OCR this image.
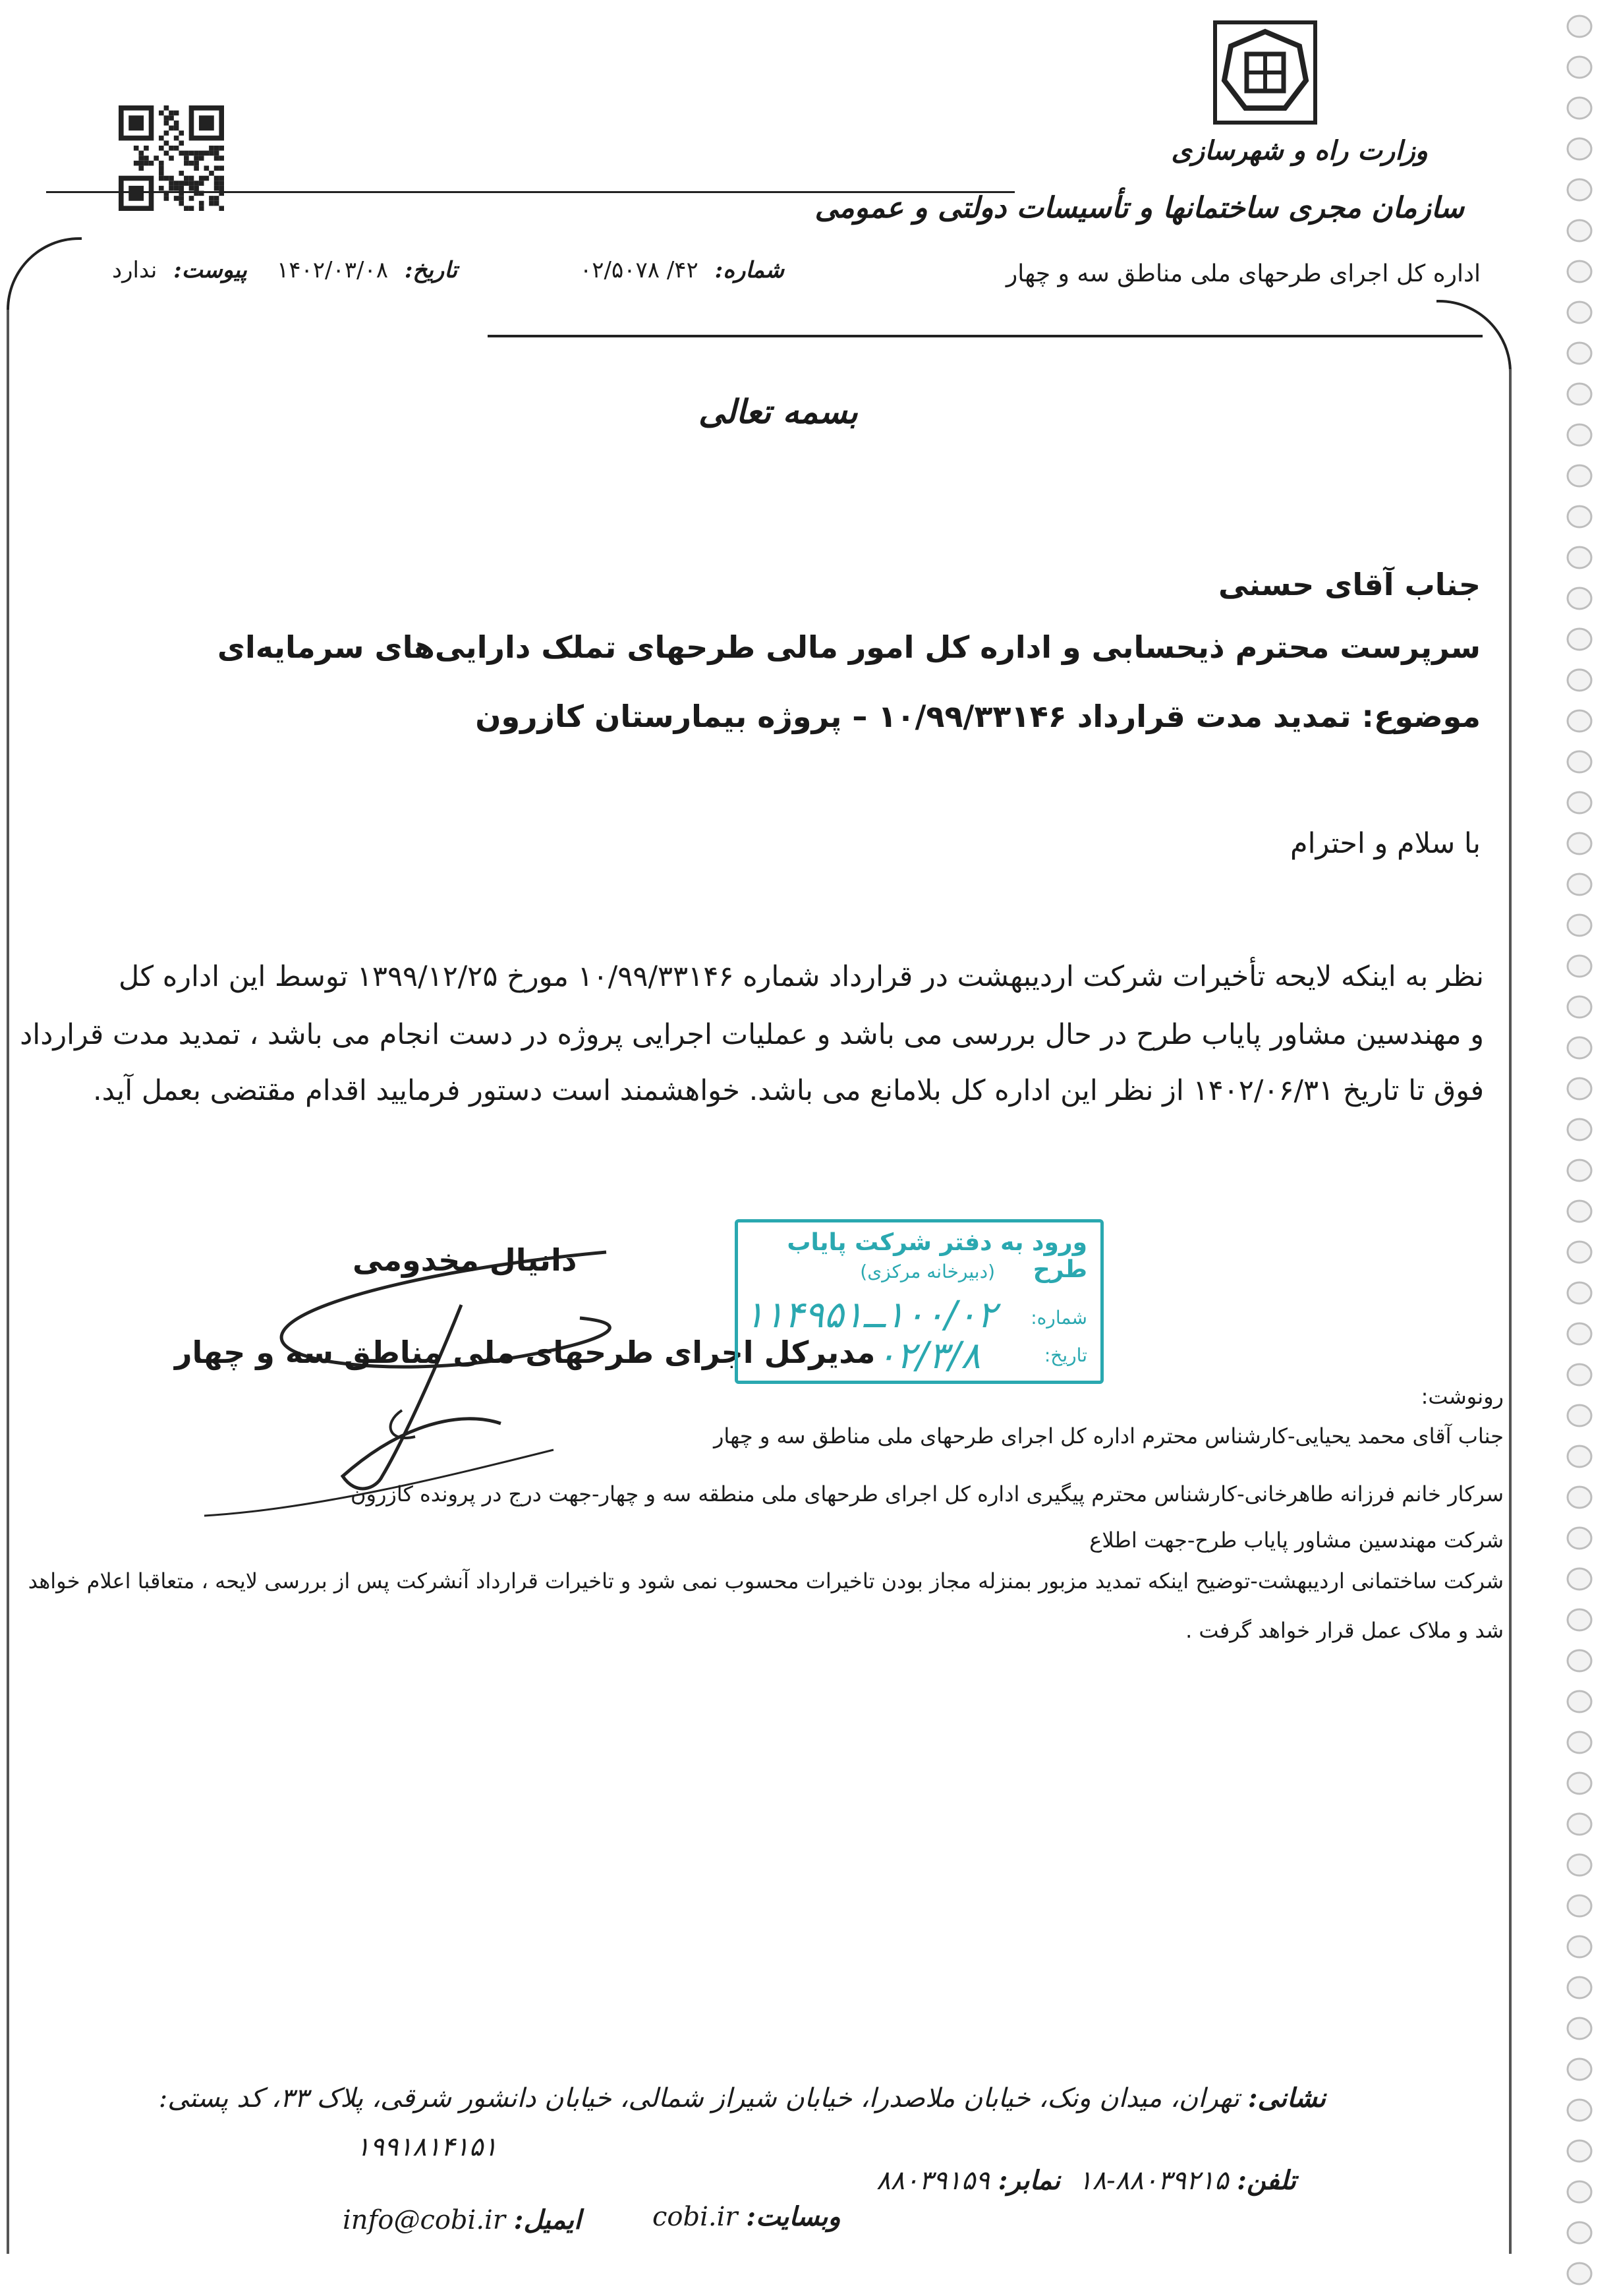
وزارت راه و شهرسازی
سازمان مجری ساختمانها و تأسیسات دولتی و عمومی
اداره کل اجرای طرحهای ملی مناطق سه و چهار
شماره: ۴۲/ ۰۲/۵۰۷۸
تاریخ: ۱۴۰۲/۰۳/۰۸
پیوست: ندارد
بسمه تعالی
جناب آقای حسنی
سرپرست محترم ذیحسابی و اداره کل امور مالی طرحهای تملک دارایی‌های سرمایه‌ای
موضوع: تمدید مدت قرارداد ۱۰/۹۹/۳۳۱۴۶ – پروژه بیمارستان کازرون
با سلام و احترام
نظر به اینکه لایحه تأخیرات شرکت اردیبهشت در قرارداد شماره ۱۰/۹۹/۳۳۱۴۶ مورخ ۱۳۹۹/۱۲/۲۵ توسط این اداره کل
و مهندسین مشاور پایاب طرح در حال بررسی می باشد و عملیات اجرایی پروژه در دست انجام می باشد ، تمدید مدت قرارداد
فوق تا تاریخ ۱۴۰۲/۰۶/۳۱ از نظر این اداره کل بلامانع می باشد. خواهشمند است دستور فرمایید اقدام مقتضی بعمل آید.
دانیال مخدومی
مدیرکل اجرای طرحهای ملی مناطق سه و چهار
ورود به دفتر شرکت پایاب طرح
(دبیرخانه مرکزی)
شماره:
تاریخ:
۱۰۰/۰۲ــ۱۱۴۹۵۱
۰۲/۳/۸
رونوشت:
جناب آقای محمد یحیایی-کارشناس محترم اداره کل اجرای طرحهای ملی مناطق سه و چهار
سرکار خانم فرزانه طاهرخانی-کارشناس محترم پیگیری اداره کل اجرای طرحهای ملی منطقه سه و چهار-جهت درج در پرونده کازرون
شرکت مهندسین مشاور پایاب طرح-جهت اطلاع
شرکت ساختمانی اردیبهشت-توضیح اینکه تمدید مزبور بمنزله مجاز بودن تاخیرات محسوب نمی شود و تاخیرات قرارداد آنشرکت پس از بررسی لایحه ، متعاقبا اعلام خواهد
شد و ملاک عمل قرار خواهد گرفت .
نشانی: تهران، میدان ونک، خیابان ملاصدرا، خیابان شیراز شمالی، خیابان دانشور شرقی، پلاک ۳۳، کد پستی:
۱۹۹۱۸۱۴۱۵۱
تلفن: ۸۸۰۳۹۲۱۵-۱۸
نمابر: ۸۸۰۳۹۱۵۹
وبسایت: cobi.ir
ایمیل: info@cobi.ir
